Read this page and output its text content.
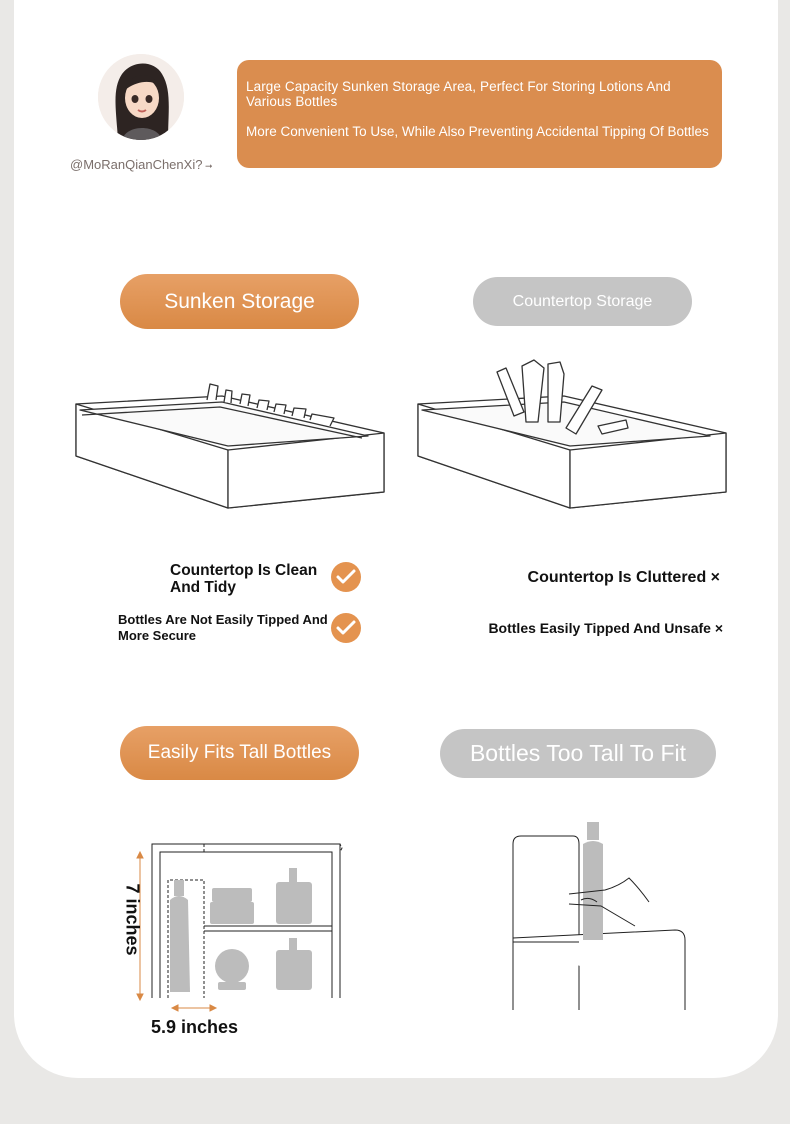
@MoRanQianChenXi? ➞
Large Capacity Sunken Storage Area, Perfect For Storing Lotions And Various Bottles
More Convenient To Use, While Also Preventing Accidental Tipping Of Bottles
Sunken Storage	Countertop Storage
Countertop Is Clean And Tidy
Bottles Are Not Easily Tipped And More Secure
Countertop Is Cluttered ×
Bottles Easily Tipped And Unsafe ×
Easily Fits Tall Bottles	Bottles Too Tall To Fit
7 inches
5.9 inches
